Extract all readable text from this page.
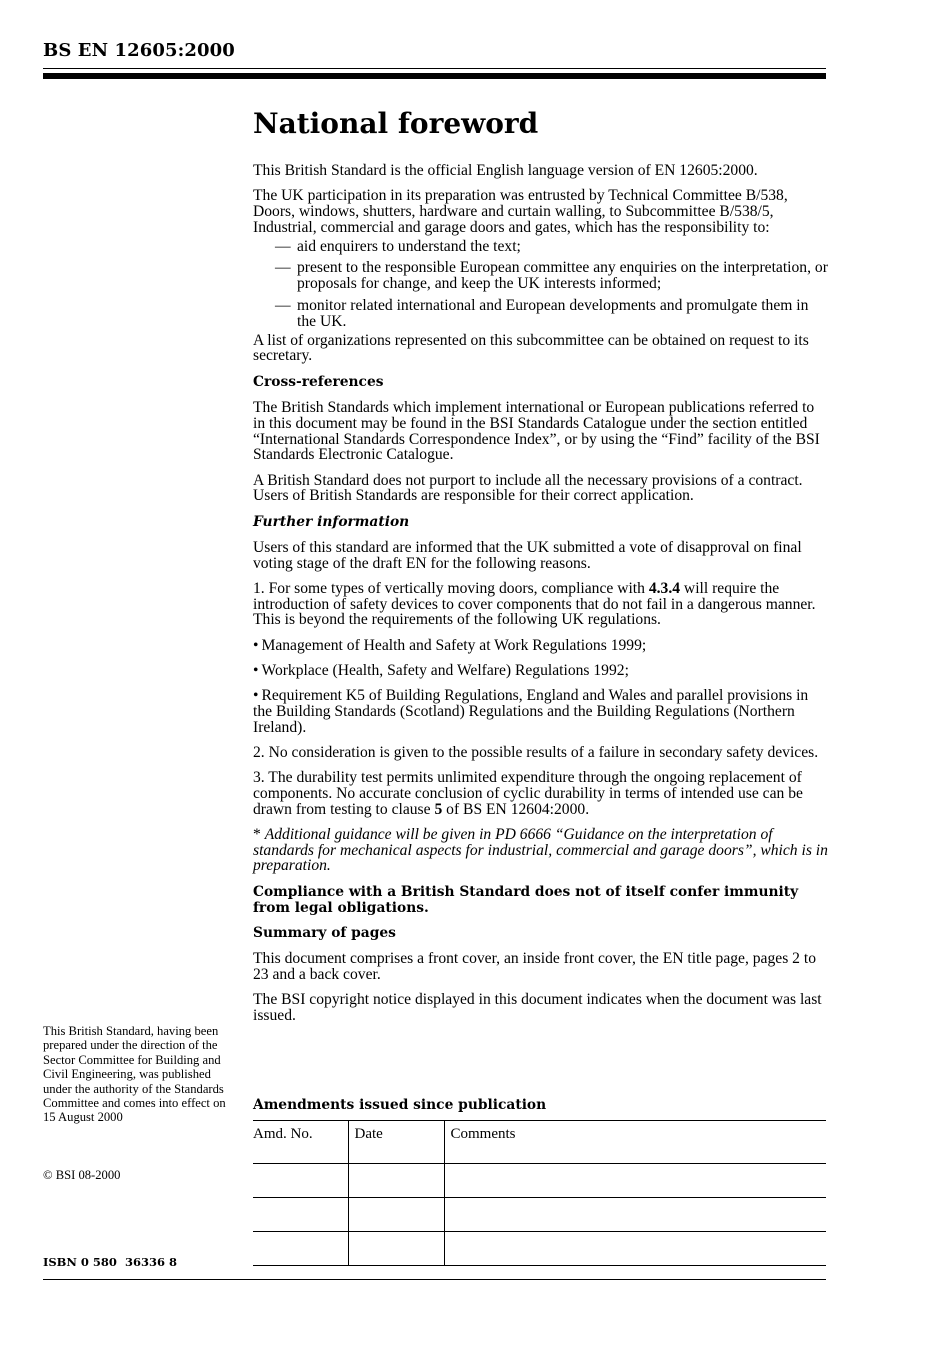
BS EN 12605:2000
National foreword

This British Standard is the official English language version of EN 12605:2000.

The UK participation in its preparation was entrusted by Technical Committee B/538, Doors, windows, shutters, hardware and curtain walling, to Subcommittee B/538/5, Industrial, commercial and garage doors and gates, which has the responsibility to:

— aid enquirers to understand the text;
— present to the responsible European committee any enquiries on the interpretation, or proposals for change, and keep the UK interests informed;
— monitor related international and European developments and promulgate them in the UK.

A list of organizations represented on this subcommittee can be obtained on request to its secretary.

Cross-references

The British Standards which implement international or European publications referred to in this document may be found in the BSI Standards Catalogue under the section entitled “International Standards Correspondence Index”, or by using the “Find” facility of the BSI Standards Electronic Catalogue.

A British Standard does not purport to include all the necessary provisions of a contract. Users of British Standards are responsible for their correct application.

Further information

Users of this standard are informed that the UK submitted a vote of disapproval on final voting stage of the draft EN for the following reasons.

1. For some types of vertically moving doors, compliance with 4.3.4 will require the introduction of safety devices to cover components that do not fail in a dangerous manner. This is beyond the requirements of the following UK regulations.

• Management of Health and Safety at Work Regulations 1999;

• Workplace (Health, Safety and Welfare) Regulations 1992;

• Requirement K5 of Building Regulations, England and Wales and parallel provisions in the Building Standards (Scotland) Regulations and the Building Regulations (Northern Ireland).

2. No consideration is given to the possible results of a failure in secondary safety devices.

3. The durability test permits unlimited expenditure through the ongoing replacement of components. No accurate conclusion of cyclic durability in terms of intended use can be drawn from testing to clause 5 of BS EN 12604:2000.

* Additional guidance will be given in PD 6666 “Guidance on the interpretation of standards for mechanical aspects for industrial, commercial and garage doors”, which is in preparation.

Compliance with a British Standard does not of itself confer immunity from legal obligations.

Summary of pages

This document comprises a front cover, an inside front cover, the EN title page, pages 2 to 23 and a back cover.

The BSI copyright notice displayed in this document indicates when the document was last issued.

Amendments issued since publication
Amd. No.	Date	Comments

This British Standard, having been prepared under the direction of the Sector Committee for Building and Civil Engineering, was published under the authority of the Standards Committee and comes into effect on 15 August 2000
© BSI 08-2000
ISBN 0 580  36336 8
